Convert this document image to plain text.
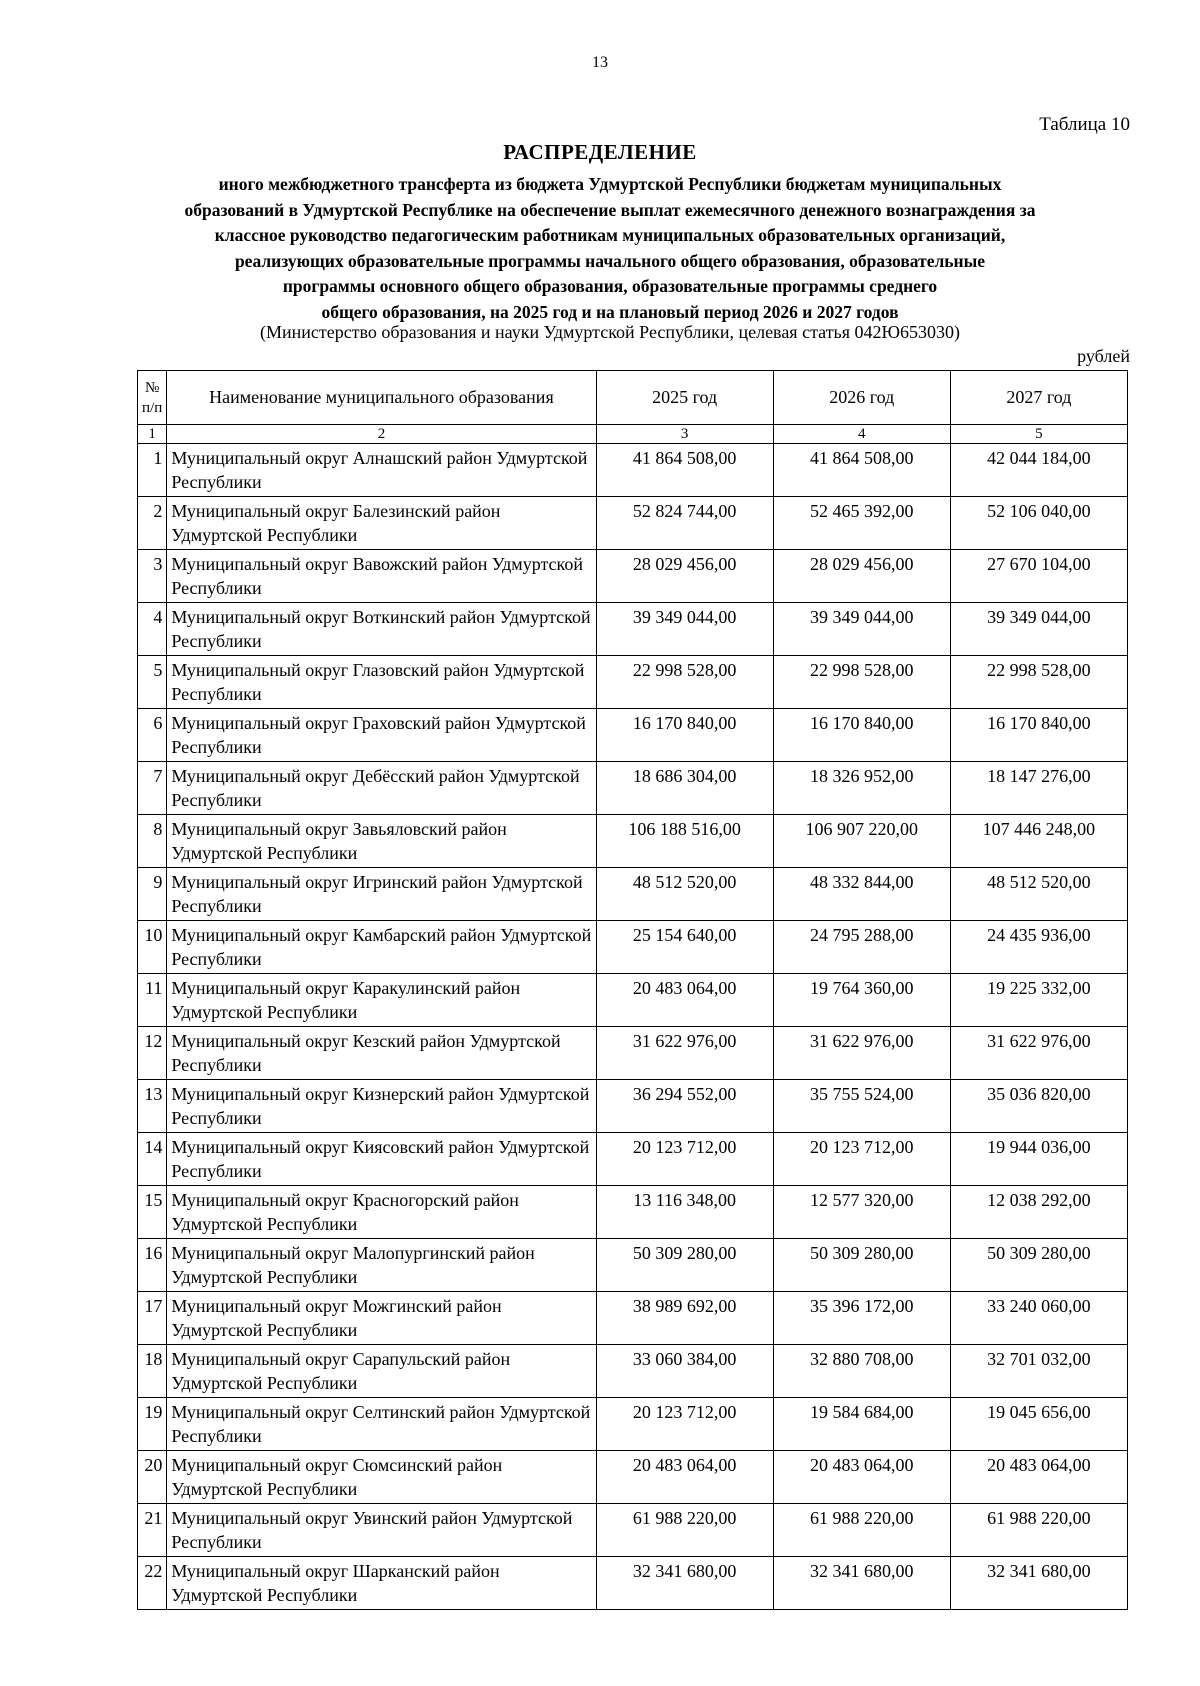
13
Таблица 10
РАСПРЕДЕЛЕНИЕ
иного межбюджетного трансферта из бюджета Удмуртской Республики бюджетам муниципальных
образований в Удмуртской Республике на обеспечение выплат ежемесячного денежного вознаграждения за
классное руководство педагогическим работникам муниципальных образовательных организаций,
реализующих образовательные программы начального общего образования, образовательные
программы основного общего образования, образовательные программы среднего
общего образования, на 2025 год и на плановый период 2026 и 2027 годов
(Министерство образования и науки Удмуртской Республики, целевая статья 042Ю653030)
рублей
№
п/п	Наименование муниципального образования	2025 год	2026 год	2027 год
1	2	3	4	5
1	Муниципальный округ Алнашский район Удмуртской Республики	41 864 508,00	41 864 508,00	42 044 184,00
2	Муниципальный округ Балезинский район Удмуртской Республики	52 824 744,00	52 465 392,00	52 106 040,00
3	Муниципальный округ Вавожский район Удмуртской Республики	28 029 456,00	28 029 456,00	27 670 104,00
4	Муниципальный округ Воткинский район Удмуртской Республики	39 349 044,00	39 349 044,00	39 349 044,00
5	Муниципальный округ Глазовский район Удмуртской Республики	22 998 528,00	22 998 528,00	22 998 528,00
6	Муниципальный округ Граховский район Удмуртской Республики	16 170 840,00	16 170 840,00	16 170 840,00
7	Муниципальный округ Дебёсский район Удмуртской Республики	18 686 304,00	18 326 952,00	18 147 276,00
8	Муниципальный округ Завьяловский район Удмуртской Республики	106 188 516,00	106 907 220,00	107 446 248,00
9	Муниципальный округ Игринский район Удмуртской Республики	48 512 520,00	48 332 844,00	48 512 520,00
10	Муниципальный округ Камбарский район Удмуртской Республики	25 154 640,00	24 795 288,00	24 435 936,00
11	Муниципальный округ Каракулинский район Удмуртской Республики	20 483 064,00	19 764 360,00	19 225 332,00
12	Муниципальный округ Кезский район Удмуртской Республики	31 622 976,00	31 622 976,00	31 622 976,00
13	Муниципальный округ Кизнерский район Удмуртской Республики	36 294 552,00	35 755 524,00	35 036 820,00
14	Муниципальный округ Киясовский район Удмуртской Республики	20 123 712,00	20 123 712,00	19 944 036,00
15	Муниципальный округ Красногорский район Удмуртской Республики	13 116 348,00	12 577 320,00	12 038 292,00
16	Муниципальный округ Малопургинский район Удмуртской Республики	50 309 280,00	50 309 280,00	50 309 280,00
17	Муниципальный округ Можгинский район Удмуртской Республики	38 989 692,00	35 396 172,00	33 240 060,00
18	Муниципальный округ Сарапульский район Удмуртской Республики	33 060 384,00	32 880 708,00	32 701 032,00
19	Муниципальный округ Селтинский район Удмуртской Республики	20 123 712,00	19 584 684,00	19 045 656,00
20	Муниципальный округ Сюмсинский район Удмуртской Республики	20 483 064,00	20 483 064,00	20 483 064,00
21	Муниципальный округ Увинский район Удмуртской Республики	61 988 220,00	61 988 220,00	61 988 220,00
22	Муниципальный округ Шарканский район Удмуртской Республики	32 341 680,00	32 341 680,00	32 341 680,00
